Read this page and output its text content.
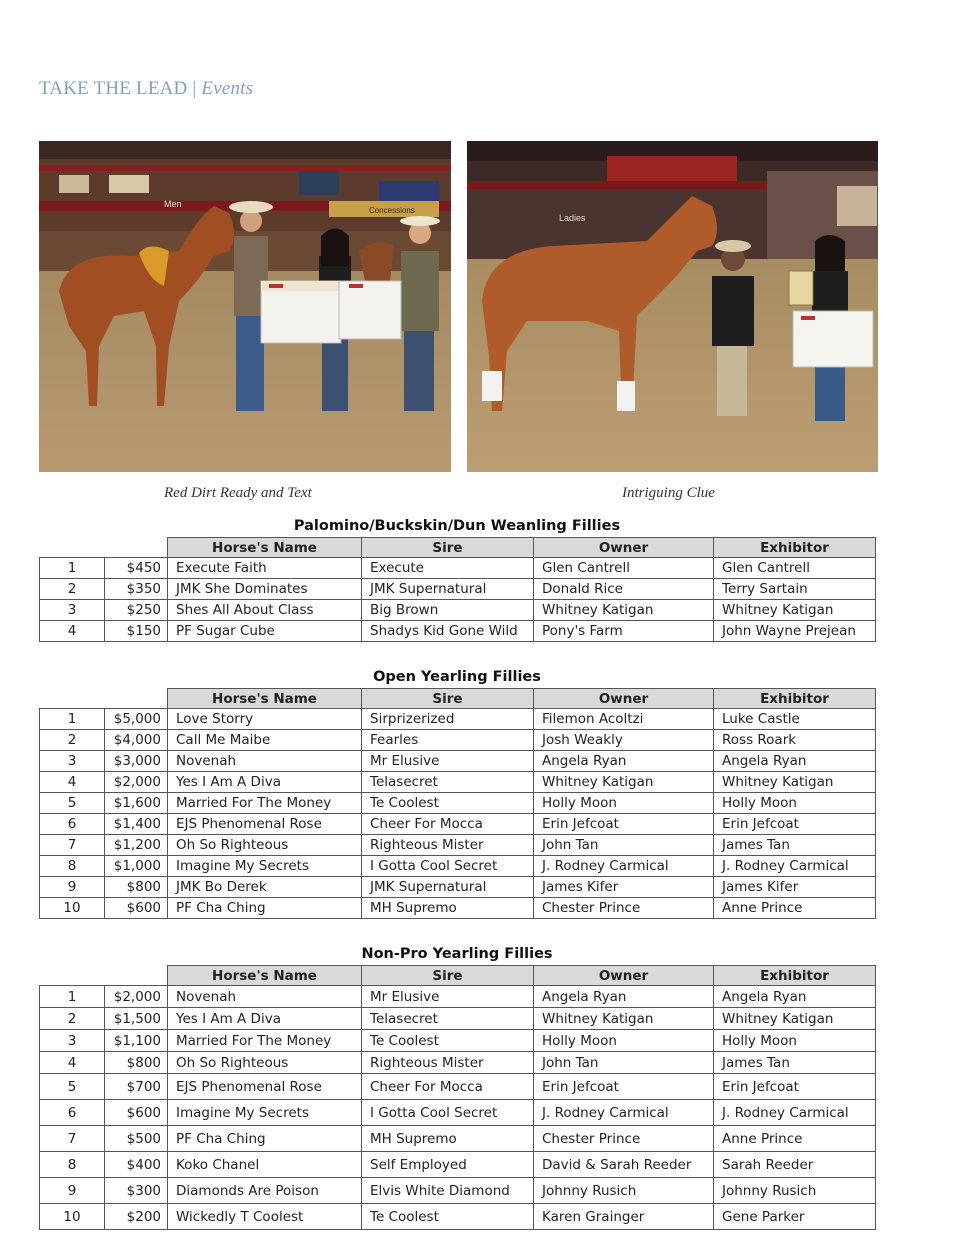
TAKE THE LEAD | Events
Men
Concessions
Ladies
Red Dirt Ready and Text	Intriguing Clue
Palomino/Buckskin/Dun Weanling Fillies
		Horse's Name	Sire	Owner	Exhibitor
1	$450	Execute Faith	Execute	Glen Cantrell	Glen Cantrell
2	$350	JMK She Dominates	JMK Supernatural	Donald Rice	Terry Sartain
3	$250	Shes All About Class	Big Brown	Whitney Katigan	Whitney Katigan
4	$150	PF Sugar Cube	Shadys Kid Gone Wild	Pony's Farm	John Wayne Prejean
Open Yearling Fillies
		Horse's Name	Sire	Owner	Exhibitor
1	$5,000	Love Storry	Sirprizerized	Filemon Acoltzi	Luke Castle
2	$4,000	Call Me Maibe	Fearles	Josh Weakly	Ross Roark
3	$3,000	Novenah	Mr Elusive	Angela Ryan	Angela Ryan
4	$2,000	Yes I Am A Diva	Telasecret	Whitney Katigan	Whitney Katigan
5	$1,600	Married For The Money	Te Coolest	Holly Moon	Holly Moon
6	$1,400	EJS Phenomenal Rose	Cheer For Mocca	Erin Jefcoat	Erin Jefcoat
7	$1,200	Oh So Righteous	Righteous Mister	John Tan	James Tan
8	$1,000	Imagine My Secrets	I Gotta Cool Secret	J. Rodney Carmical	J. Rodney Carmical
9	$800	JMK Bo Derek	JMK Supernatural	James Kifer	James Kifer
10	$600	PF Cha Ching	MH Supremo	Chester Prince	Anne Prince
Non-Pro Yearling Fillies
		Horse's Name	Sire	Owner	Exhibitor
1	$2,000	Novenah	Mr Elusive	Angela Ryan	Angela Ryan
2	$1,500	Yes I Am A Diva	Telasecret	Whitney Katigan	Whitney Katigan
3	$1,100	Married For The Money	Te Coolest	Holly Moon	Holly Moon
4	$800	Oh So Righteous	Righteous Mister	John Tan	James Tan
5	$700	EJS Phenomenal Rose	Cheer For Mocca	Erin Jefcoat	Erin Jefcoat
6	$600	Imagine My Secrets	I Gotta Cool Secret	J. Rodney Carmical	J. Rodney Carmical
7	$500	PF Cha Ching	MH Supremo	Chester Prince	Anne Prince
8	$400	Koko Chanel	Self Employed	David & Sarah Reeder	Sarah Reeder
9	$300	Diamonds Are Poison	Elvis White Diamond	Johnny Rusich	Johnny Rusich
10	$200	Wickedly T Coolest	Te Coolest	Karen Grainger	Gene Parker
